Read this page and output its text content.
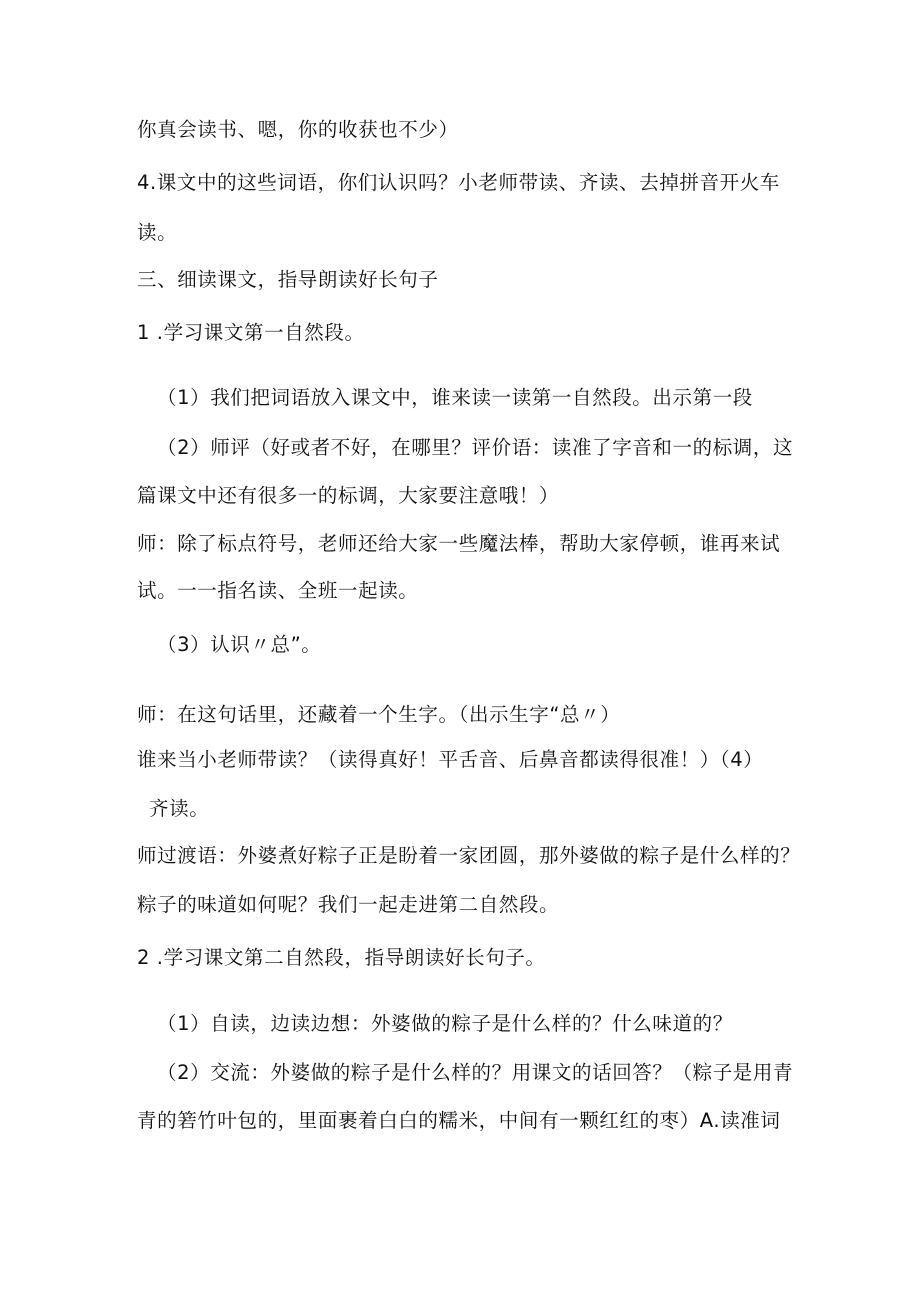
你真会读书、嗯，你的收获也不少）
4.课文中的这些词语，你们认识吗？小老师带读、齐读、去掉拼音开火车
读。
三、细读课文，指导朗读好长句子
1 .学习课文第一自然段。
（1）我们把词语放入课文中，谁来读一读第一自然段。出示第一段
（2）师评（好或者不好，在哪里？评价语：读准了字音和一的标调，这
篇课文中还有很多一的标调，大家要注意哦！）
师：除了标点符号，老师还给大家一些魔法棒，帮助大家停顿，谁再来试
试。一一指名读、全班一起读。
（3）认识〃总”。
师：在这句话里，还藏着一个生字。（出示生字“总〃）
谁来当小老师带读？（读得真好！平舌音、后鼻音都读得很准！）（4）
齐读。
师过渡语：外婆煮好粽子正是盼着一家团圆，那外婆做的粽子是什么样的？
粽子的味道如何呢？我们一起走进第二自然段。
2 .学习课文第二自然段，指导朗读好长句子。
（1）自读，边读边想：外婆做的粽子是什么样的？什么味道的？
（2）交流：外婆做的粽子是什么样的？用课文的话回答？（粽子是用青
青的箬竹叶包的，里面裹着白白的糯米，中间有一颗红红的枣）A.读准词
